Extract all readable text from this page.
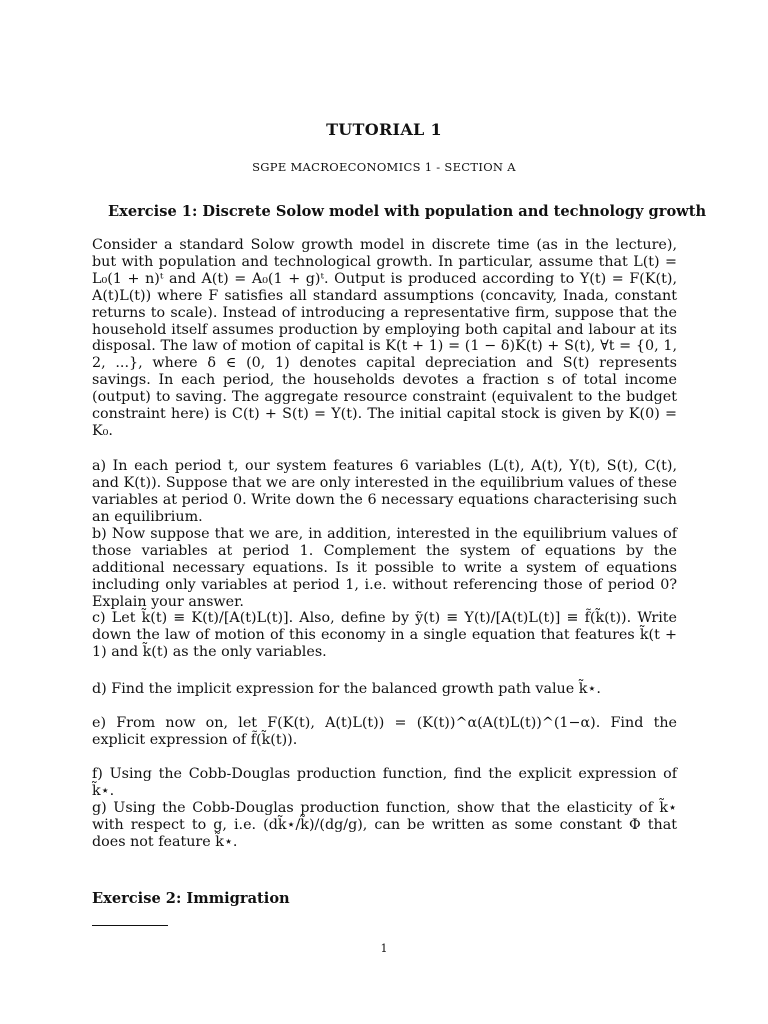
TUTORIAL 1
SGPE MACROECONOMICS 1 - SECTION A
Exercise 1: Discrete Solow model with population and technology growth
Consider a standard Solow growth model in discrete time (as in the lecture), but with population and technological growth. In particular, assume that L(t) = L₀(1 + n)ᵗ and A(t) = A₀(1 + g)ᵗ. Output is produced according to Y(t) = F(K(t), A(t)L(t)) where F satisfies all standard assumptions (concavity, Inada, constant returns to scale). Instead of introducing a representative firm, suppose that the household itself assumes production by employing both capital and labour at its disposal. The law of motion of capital is K(t + 1) = (1 − δ)K(t) + S(t), ∀t = {0, 1, 2, ...}, where δ ∈ (0, 1) denotes capital depreciation and S(t) represents savings. In each period, the households devotes a fraction s of total income (output) to saving. The aggregate resource constraint (equivalent to the budget constraint here) is C(t) + S(t) = Y(t). The initial capital stock is given by K(0) = K₀.
a) In each period t, our system features 6 variables (L(t), A(t), Y(t), S(t), C(t), and K(t)). Suppose that we are only interested in the equilibrium values of these variables at period 0. Write down the 6 necessary equations characterising such an equilibrium.
b) Now suppose that we are, in addition, interested in the equilibrium values of those variables at period 1. Complement the system of equations by the additional necessary equations. Is it possible to write a system of equations including only variables at period 1, i.e. without referencing those of period 0? Explain your answer.
c) Let k̃(t) ≡ K(t)/[A(t)L(t)]. Also, define by ỹ(t) ≡ Y(t)/[A(t)L(t)] ≡ f̃(k̃(t)). Write down the law of motion of this economy in a single equation that features k̃(t + 1) and k̃(t) as the only variables.
d) Find the implicit expression for the balanced growth path value k̃⋆.
e) From now on, let F(K(t), A(t)L(t)) = (K(t))^α(A(t)L(t))^(1−α). Find the explicit expression of f̃(k̃(t)).
f) Using the Cobb-Douglas production function, find the explicit expression of k̃⋆.
g) Using the Cobb-Douglas production function, show that the elasticity of k̃⋆ with respect to g, i.e. (dk̃⋆/k̃)/(dg/g), can be written as some constant Φ that does not feature k̃⋆.
Exercise 2: Immigration
1
